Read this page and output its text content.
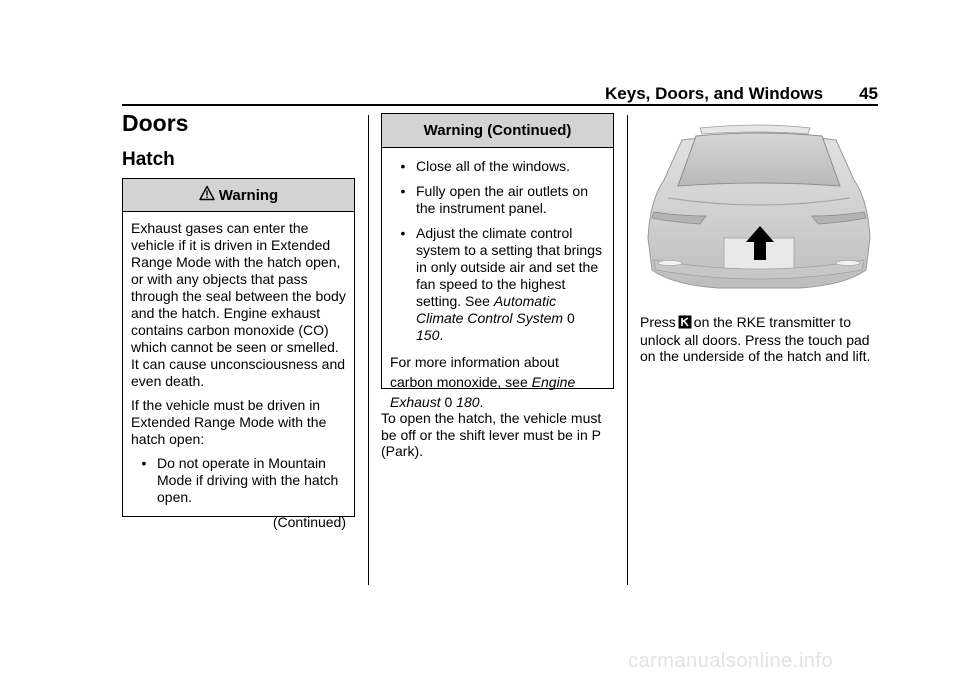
Keys, Doors, and Windows 45
Doors
Hatch
Warning

Exhaust gases can enter the vehicle if it is driven in Extended Range Mode with the hatch open, or with any objects that pass through the seal between the body and the hatch. Engine exhaust contains carbon monoxide (CO) which cannot be seen or smelled. It can cause unconsciousness and even death.

If the vehicle must be driven in Extended Range Mode with the hatch open:

• Do not operate in Mountain Mode if driving with the hatch open.
(Continued)
Warning (Continued)
• Close all of the windows.
• Fully open the air outlets on the instrument panel.
• Adjust the climate control system to a setting that brings in only outside air and set the fan speed to the highest setting. See Automatic Climate Control System 0 150.

For more information about carbon monoxide, see Engine Exhaust 0 180.

To open the hatch, the vehicle must be off or the shift lever must be in P (Park).
Press on the RKE transmitter to unlock all doors. Press the touch pad on the underside of the hatch and lift.
carmanualsonline.info
